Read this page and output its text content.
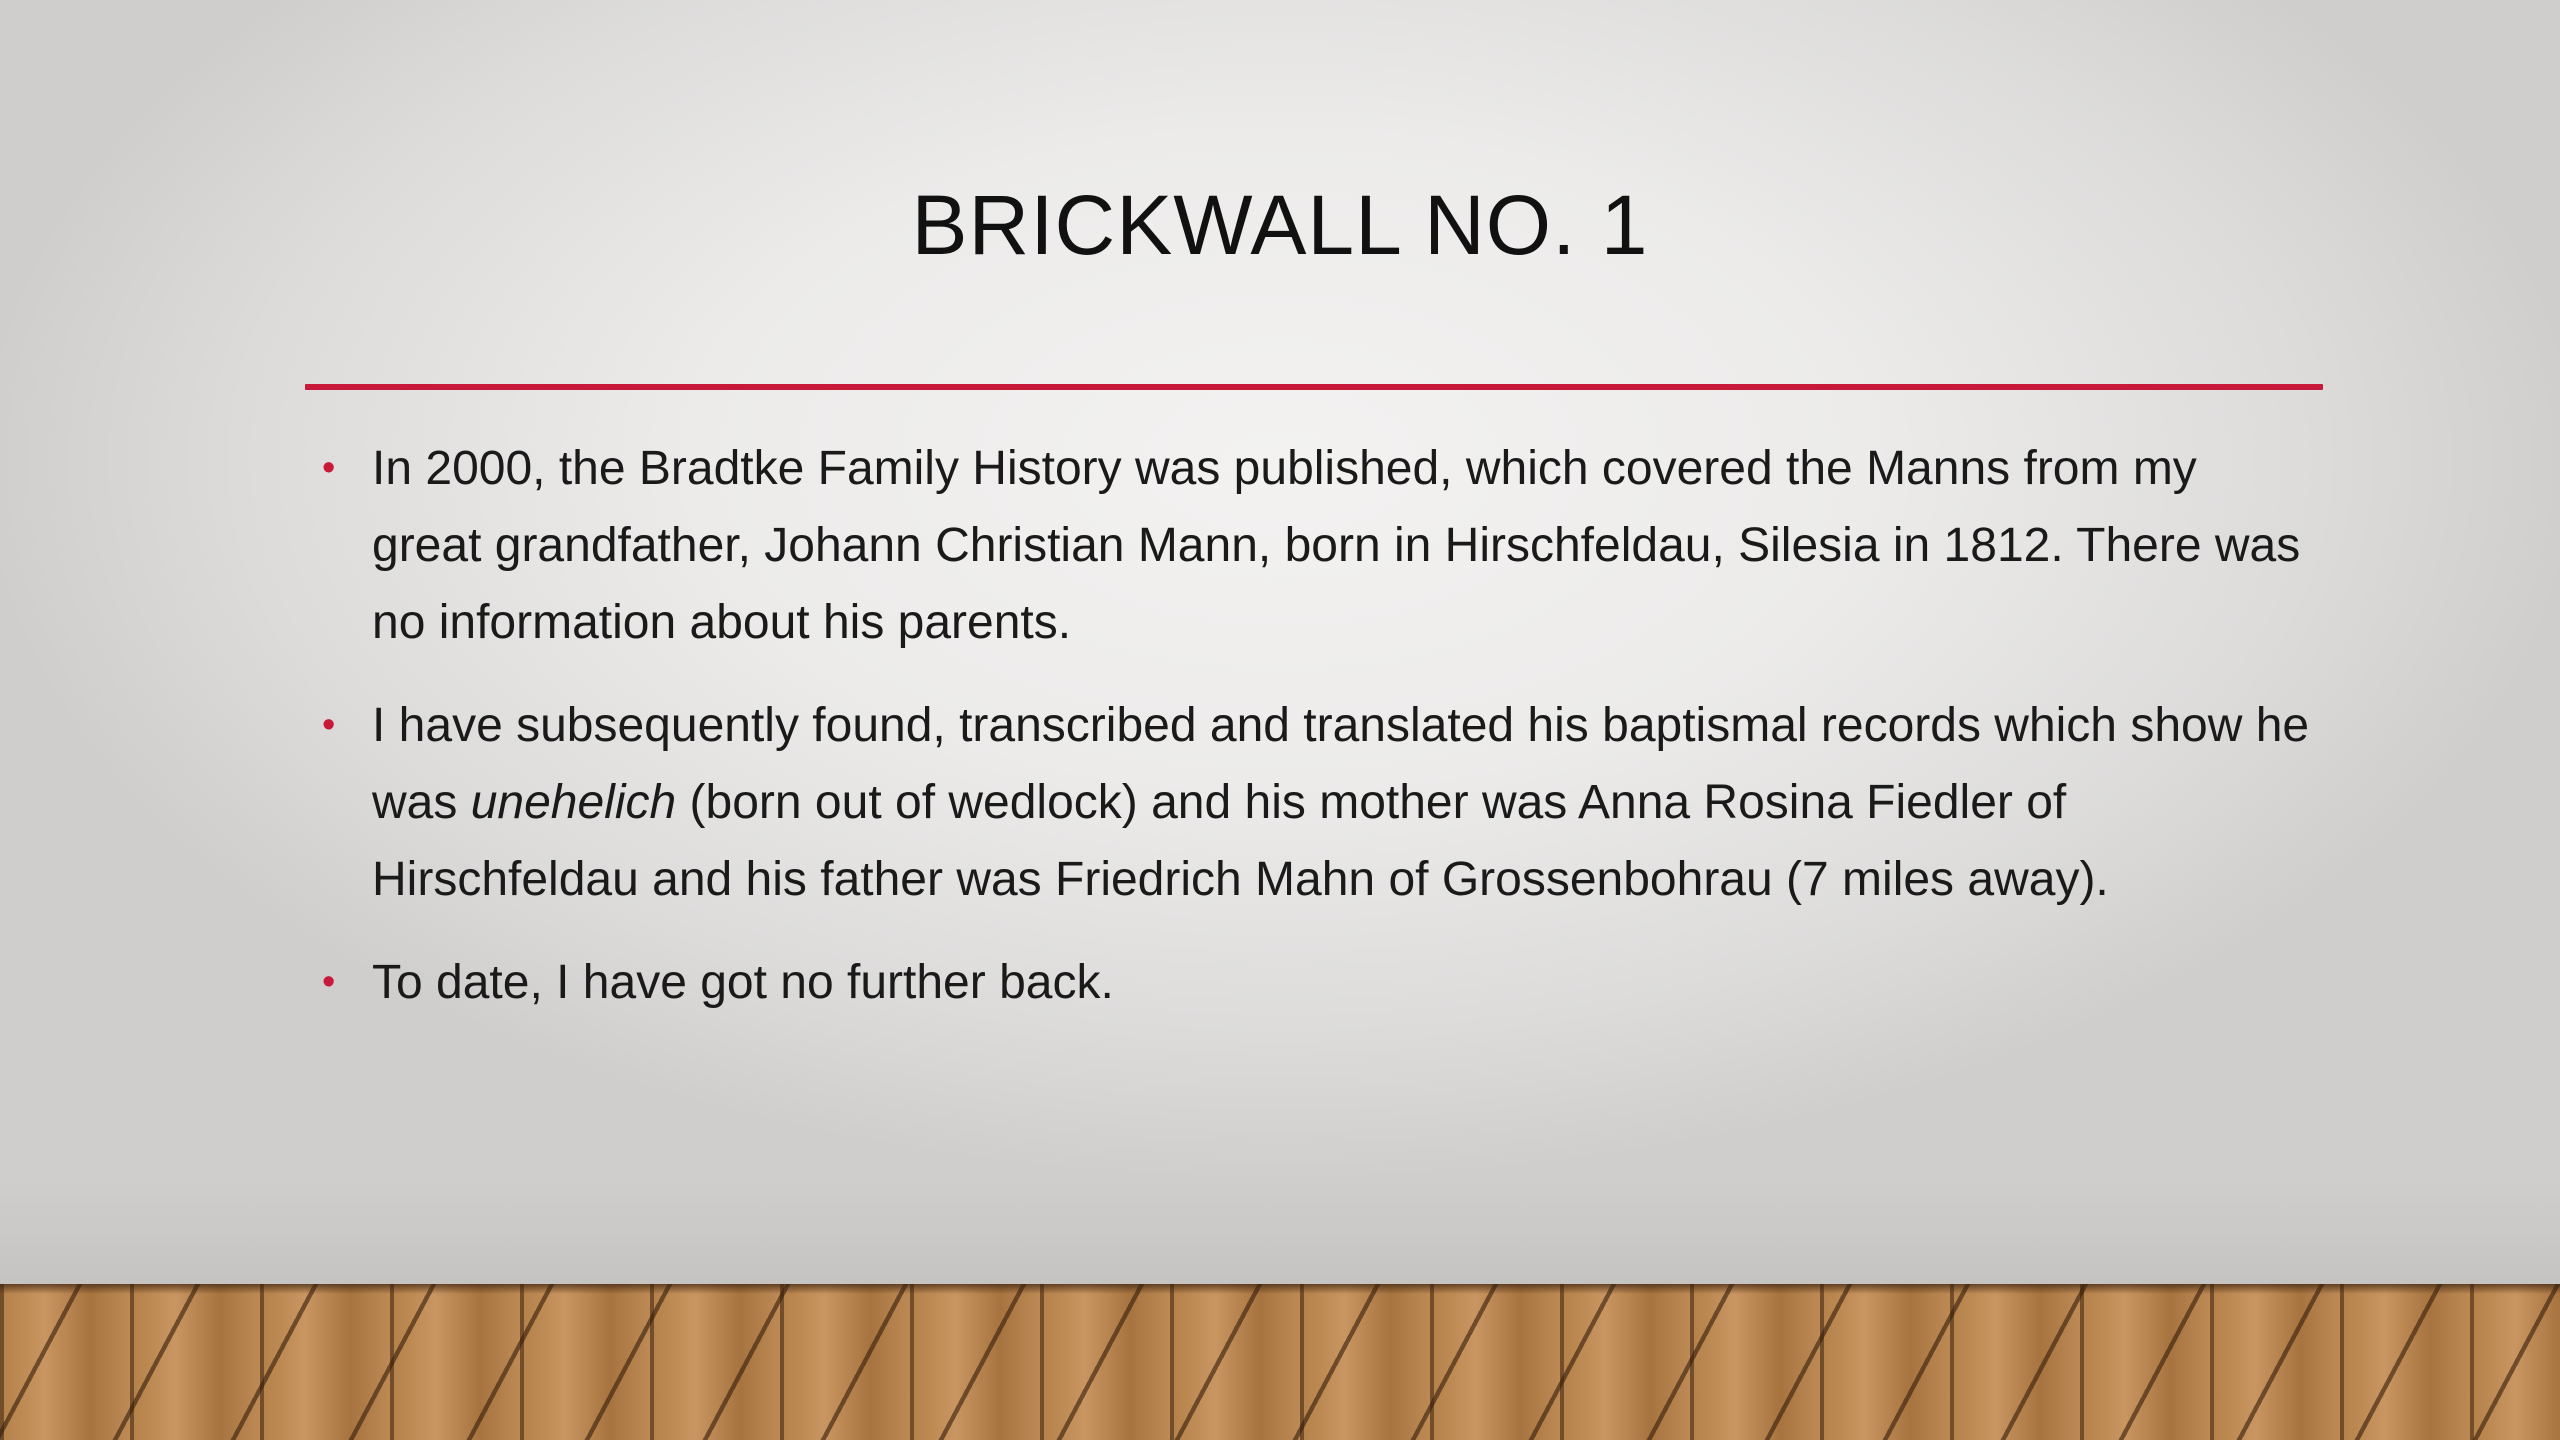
BRICKWALL NO. 1
• In 2000, the Bradtke Family History was published, which covered the Manns from my great grandfather, Johann Christian Mann, born in Hirschfeldau, Silesia in 1812. There was no information about his parents.
• I have subsequently found, transcribed and translated his baptismal records which show he was unehelich (born out of wedlock) and his mother was Anna Rosina Fiedler of Hirschfeldau and his father was Friedrich Mahn of Grossenbohrau (7 miles away).
• To date, I have got no further back.
